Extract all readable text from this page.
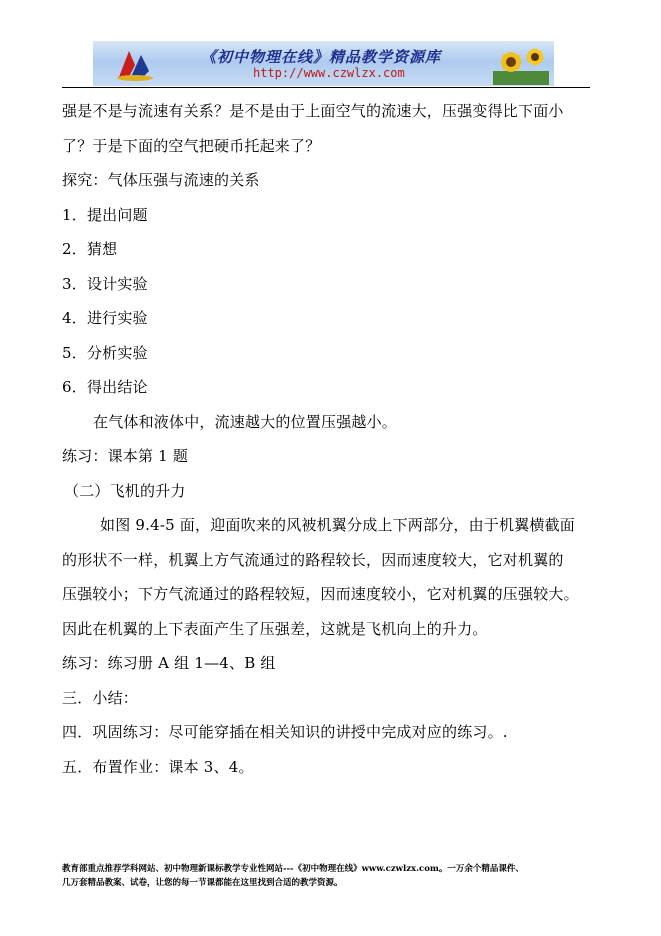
《初中物理在线》精品教学资源库
http://www.czwlzx.com
强是不是与流速有关系？是不是由于上面空气的流速大，压强变得比下面小
了？于是下面的空气把硬币托起来了？
探究：气体压强与流速的关系
1．提出问题
2．猜想
3．设计实验
4．进行实验
5．分析实验
6．得出结论
在气体和液体中，流速越大的位置压强越小。
练习：课本第 1 题
（二）飞机的升力
如图 9.4-5 面，迎面吹来的风被机翼分成上下两部分，由于机翼横截面
的形状不一样，机翼上方气流通过的路程较长，因而速度较大，它对机翼的
压强较小；下方气流通过的路程较短，因而速度较小，它对机翼的压强较大。
因此在机翼的上下表面产生了压强差，这就是飞机向上的升力。
练习：练习册 A 组 1—4、B 组
三．小结：
四．巩固练习：尽可能穿插在相关知识的讲授中完成对应的练习。.
五．布置作业：课本 3、4。
教育部重点推荐学科网站、初中物理新课标教学专业性网站---《初中物理在线》www.czwlzx.com。一万余个精品课件、
几万套精品教案、试卷，让您的每一节课都能在这里找到合适的教学资源。
